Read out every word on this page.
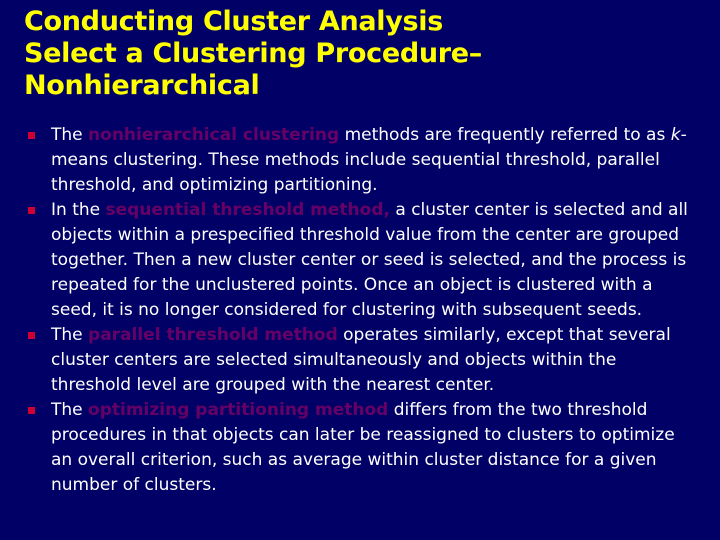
Conducting Cluster Analysis
Select a Clustering Procedure–
Nonhierarchical
The nonhierarchical clustering methods are frequently referred to as k-means clustering. These methods include sequential threshold, parallel threshold, and optimizing partitioning.
In the sequential threshold method, a cluster center is selected and all objects within a prespecified threshold value from the center are grouped together. Then a new cluster center or seed is selected, and the process is repeated for the unclustered points. Once an object is clustered with a seed, it is no longer considered for clustering with subsequent seeds.
The parallel threshold method operates similarly, except that several cluster centers are selected simultaneously and objects within the threshold level are grouped with the nearest center.
The optimizing partitioning method differs from the two threshold procedures in that objects can later be reassigned to clusters to optimize an overall criterion, such as average within cluster distance for a given number of clusters.
